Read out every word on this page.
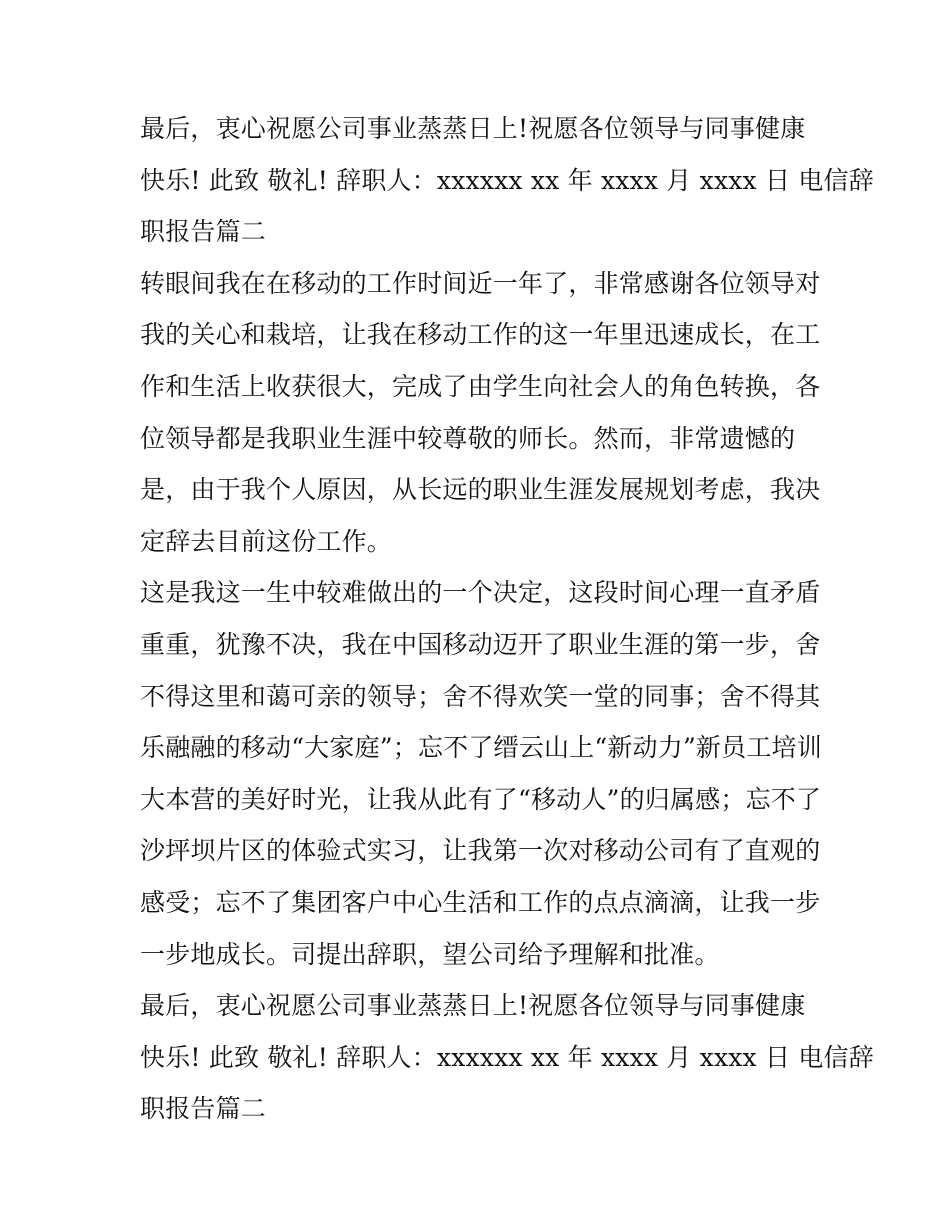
最后，衷心祝愿公司事业蒸蒸日上!祝愿各位领导与同事健康
快乐! 此致 敬礼! 辞职人：xxxxxx xx 年 xxxx 月 xxxx 日 电信辞
职报告篇二
转眼间我在在移动的工作时间近一年了，非常感谢各位领导对
我的关心和栽培，让我在移动工作的这一年里迅速成长，在工
作和生活上收获很大，完成了由学生向社会人的角色转换，各
位领导都是我职业生涯中较尊敬的师长。然而，非常遗憾的
是，由于我个人原因，从长远的职业生涯发展规划考虑，我决
定辞去目前这份工作。
这是我这一生中较难做出的一个决定，这段时间心理一直矛盾
重重，犹豫不决，我在中国移动迈开了职业生涯的第一步，舍
不得这里和蔼可亲的领导；舍不得欢笑一堂的同事；舍不得其
乐融融的移动“大家庭”；忘不了缙云山上“新动力”新员工培训
大本营的美好时光，让我从此有了“移动人”的归属感；忘不了
沙坪坝片区的体验式实习，让我第一次对移动公司有了直观的
感受；忘不了集团客户中心生活和工作的点点滴滴，让我一步
一步地成长。司提出辞职，望公司给予理解和批准。
最后，衷心祝愿公司事业蒸蒸日上!祝愿各位领导与同事健康
快乐! 此致 敬礼! 辞职人：xxxxxx xx 年 xxxx 月 xxxx 日 电信辞
职报告篇二
